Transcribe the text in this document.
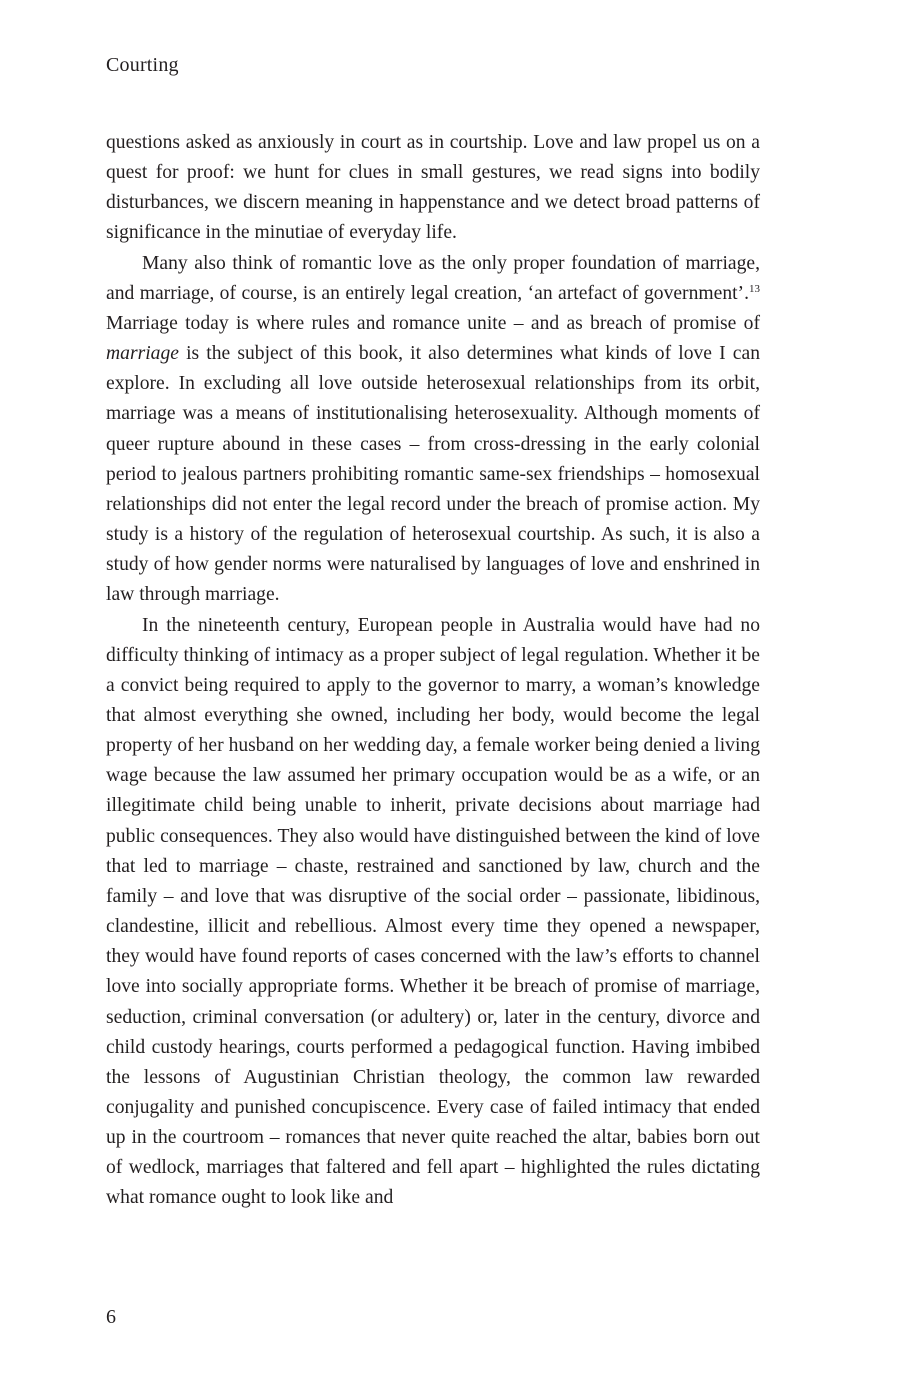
Courting

questions asked as anxiously in court as in courtship. Love and law propel us on a quest for proof: we hunt for clues in small gestures, we read signs into bodily disturbances, we discern meaning in happenstance and we detect broad patterns of significance in the minutiae of everyday life.

Many also think of romantic love as the only proper foundation of marriage, and marriage, of course, is an entirely legal creation, ‘an artefact of government’.$^{13}$ Marriage today is where rules and romance unite – and as breach of promise of marriage is the subject of this book, it also determines what kinds of love I can explore. In excluding all love outside heterosexual relationships from its orbit, marriage was a means of institutionalising heterosexuality. Although moments of queer rupture abound in these cases – from cross-dressing in the early colonial period to jealous partners prohibiting romantic same-sex friendships – homosexual relationships did not enter the legal record under the breach of promise action. My study is a history of the regulation of heterosexual courtship. As such, it is also a study of how gender norms were naturalised by languages of love and enshrined in law through marriage.

In the nineteenth century, European people in Australia would have had no difficulty thinking of intimacy as a proper subject of legal regulation. Whether it be a convict being required to apply to the governor to marry, a woman’s knowledge that almost everything she owned, including her body, would become the legal property of her husband on her wedding day, a female worker being denied a living wage because the law assumed her primary occupation would be as a wife, or an illegitimate child being unable to inherit, private decisions about marriage had public consequences. They also would have distinguished between the kind of love that led to marriage – chaste, restrained and sanctioned by law, church and the family – and love that was disruptive of the social order – passionate, libidinous, clandestine, illicit and rebellious. Almost every time they opened a newspaper, they would have found reports of cases concerned with the law’s efforts to channel love into socially appropriate forms. Whether it be breach of promise of marriage, seduction, criminal conversation (or adultery) or, later in the century, divorce and child custody hearings, courts performed a pedagogical function. Having imbibed the lessons of Augustinian Christian theology, the common law rewarded conjugality and punished concupiscence. Every case of failed intimacy that ended up in the courtroom – romances that never quite reached the altar, babies born out of wedlock, marriages that faltered and fell apart – highlighted the rules dictating what romance ought to look like and

6
